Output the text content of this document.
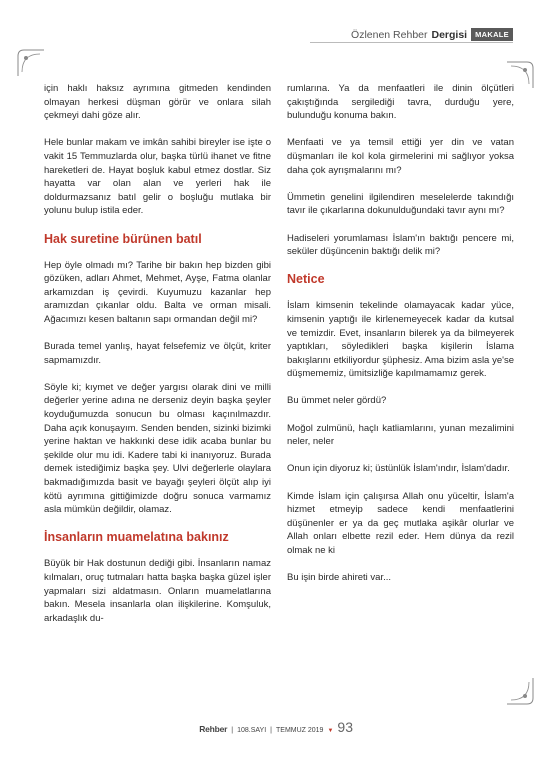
Özlenen Rehber Dergisi	MAKALE

için haklı haksız ayrımına gitmeden kendinden olmayan herkesi düşman görür ve onlara silah çekmeyi dahi göze alır.

Hele bunlar makam ve imkân sahibi bireyler ise işte o vakit 15 Temmuzlarda olur, başka türlü ihanet ve fitne hareketleri de. Hayat boşluk kabul etmez dostlar. Siz hayatta var olan alan ve yerleri hak ile doldurmazsanız batıl gelir o boşluğu mutlaka bir yolunu bulup istila eder.

Hak suretine bürünen batıl

Hep öyle olmadı mı? Tarihe bir bakın hep bizden gibi gözüken, adları Ahmet, Mehmet, Ayşe, Fatma olanlar arkamızdan iş çevirdi. Kuyumuzu kazanlar hep aramızdan çıkanlar oldu. Balta ve orman misali. Ağacımızı kesen baltanın sapı ormandan değil mi?

Burada temel yanlış, hayat felsefemiz ve ölçüt, kriter sapmamızdır.

Söyle ki; kıymet ve değer yargısı olarak dini ve milli değerler yerine adına ne derseniz deyin başka şeyler koyduğumuzda sonucun bu olması kaçınılmazdır. Daha açık konuşayım. Senden benden, sizinki bizimki yerine haktan ve hakkınki dese idik acaba bunlar bu şekilde olur mu idi. Kadere tabi ki inanıyoruz. Burada demek istediğimiz başka şey. Ulvi değerlerle olaylara bakmadığımızda basit ve bayağı şeyleri ölçüt alıp iyi kötü ayrımına gittiğimizde doğru sonuca varmamız asla mümkün değildir, olamaz.

İnsanların muamelatına bakınız

Büyük bir Hak dostunun dediği gibi. İnsanların namaz kılmaları, oruç tutmaları hatta başka başka güzel işler yapmaları sizi aldatmasın. Onların muamelatlarına bakın. Mesela insanlarla olan ilişkilerine. Komşuluk, arkadaşlık du-

rumlarına. Ya da menfaatleri ile dinin ölçütleri çakıştığında sergilediği tavra, durduğu yere, bulunduğu konuma bakın.

Menfaati ve ya temsil ettiği yer din ve vatan düşmanları ile kol kola girmelerini mi sağlıyor yoksa daha çok ayrışmalarını mı?

Ümmetin genelini ilgilendiren meselelerde takındığı tavır ile çıkarlarına dokunulduğundaki tavır aynı mı?

Hadiseleri yorumlaması İslam'ın baktığı pencere mi, seküler düşüncenin baktığı delik mi?

Netice

İslam kimsenin tekelinde olamayacak kadar yüce, kimsenin yaptığı ile kirlenemeyecek kadar da kutsal ve temizdir. Evet, insanların bilerek ya da bilmeyerek yaptıkları, söyledikleri başka kişilerin İslama bakışlarını etkiliyordur şüphesiz. Ama bizim asla ye'se düşmememiz, ümitsizliğe kapılmamamız gerek.

Bu ümmet neler gördü?

Moğol zulmünü, haçlı katliamlarını, yunan mezalimini neler, neler

Onun için diyoruz ki; üstünlük İslam'ındır, İslam'dadır.

Kimde İslam için çalışırsa Allah onu yüceltir, İslam'a hizmet etmeyip sadece kendi menfaatlerini düşünenler er ya da geç mutlaka aşikâr olurlar ve Allah onları elbette rezil eder. Hem dünya da rezil olmak ne ki

Bu işin birde ahireti var...

Rehber | 108.SAYI | TEMMUZ 2019 ▼ 93
